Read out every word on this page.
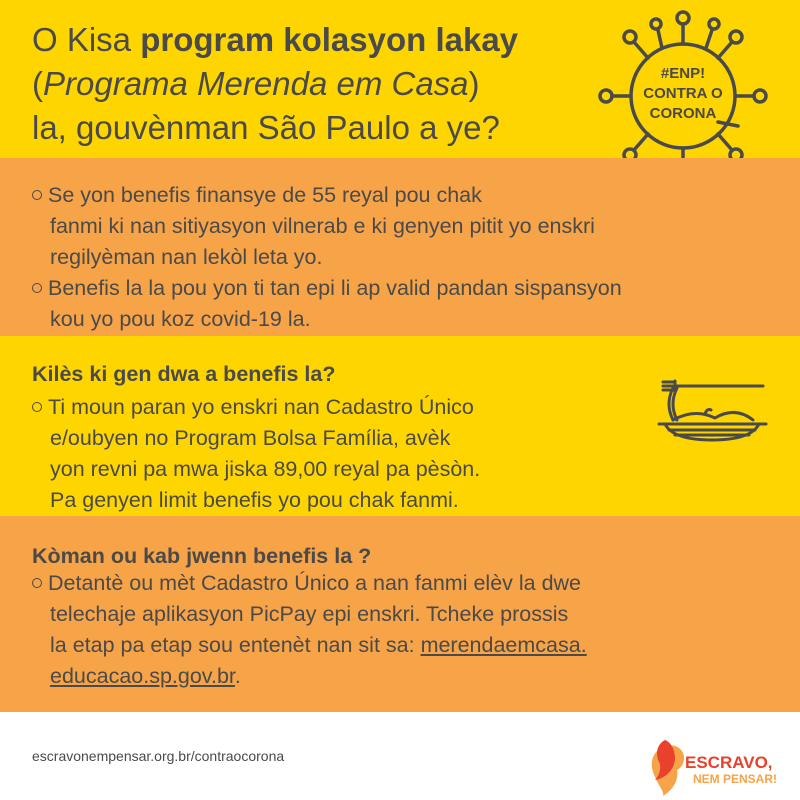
O Kisa program kolasyon lakay
(Programa Merenda em Casa)
la, gouvènman São Paulo a ye?
#ENP!
CONTRA O
CORONA
Se yon benefis finansye de 55 reyal pou chak
fanmi ki nan sitiyasyon vilnerab e ki genyen pitit yo enskri
regilyèman nan lekòl leta yo.
Benefis la la pou yon ti tan epi li ap valid pandan sispansyon
kou yo pou koz covid-19 la.
Kilès ki gen dwa a benefis la?
Ti moun paran yo enskri nan Cadastro Único
e/oubyen no Program Bolsa Família, avèk
yon revni pa mwa jiska 89,00 reyal pa pèsòn.
Pa genyen limit benefis yo pou chak fanmi.
Kòman ou kab jwenn benefis la ?
Detantè ou mèt Cadastro Único a nan fanmi elèv la dwe
telechaje aplikasyon PicPay epi enskri. Tcheke prossis
la etap pa etap sou entenèt nan sit sa: merendaemcasa.
educacao.sp.gov.br.
escravonempensar.org.br/contraocorona	ESCRAVO,
NEM PENSAR!
